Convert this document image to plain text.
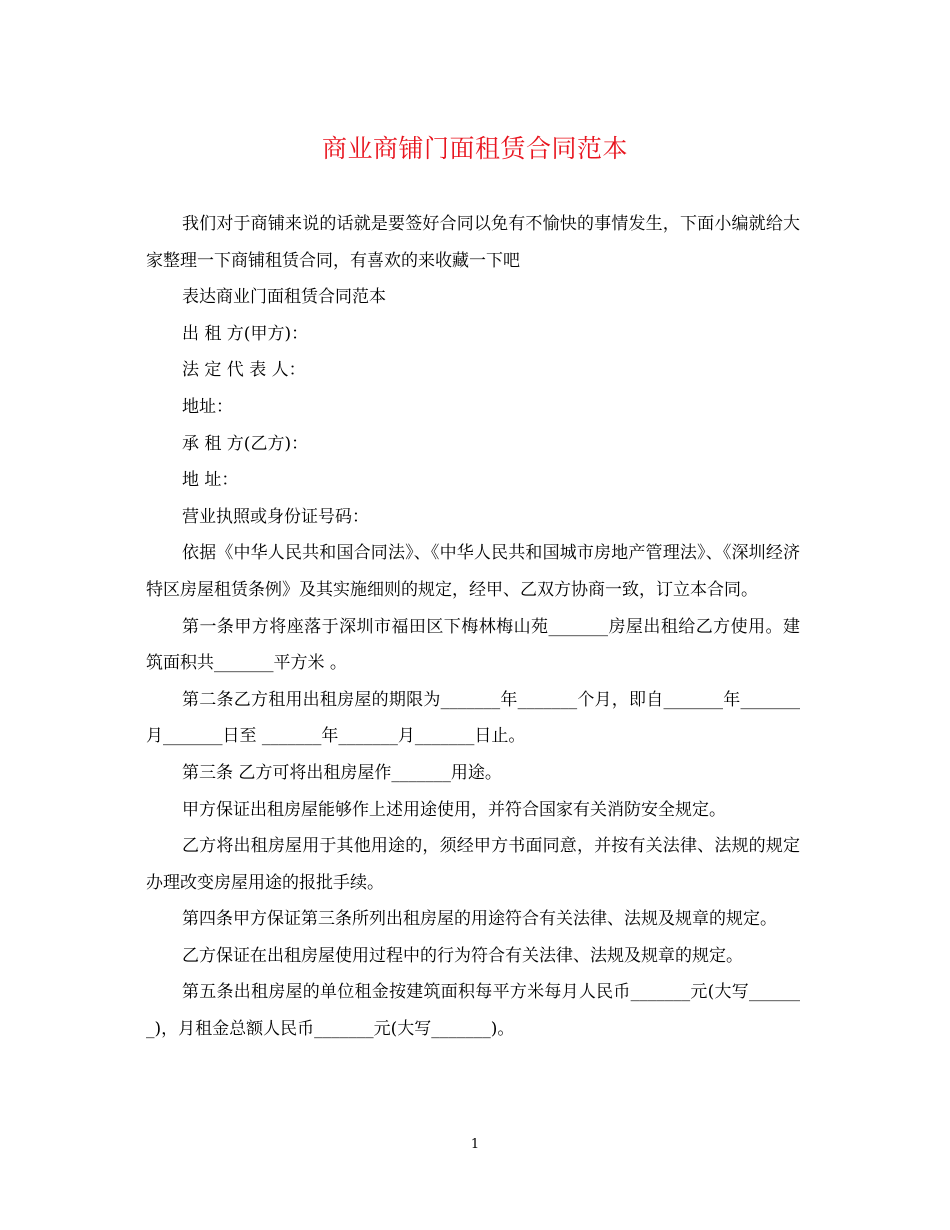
商业商铺门面租赁合同范本

我们对于商铺来说的话就是要签好合同以免有不愉快的事情发生，下面小编就给大家整理一下商铺租赁合同，有喜欢的来收藏一下吧

表达商业门面租赁合同范本

出 租 方(甲方)：

法 定 代 表 人：

地址：

承 租 方(乙方)：

地 址：

营业执照或身份证号码：

依据《中华人民共和国合同法》、《中华人民共和国城市房地产管理法》、《深圳经济特区房屋租赁条例》及其实施细则的规定，经甲、乙双方协商一致，订立本合同。

第一条甲方将座落于深圳市福田区下梅林梅山苑_______房屋出租给乙方使用。建筑面积共_______平方米 。

第二条乙方租用出租房屋的期限为_______年_______个月，即自_______年_______月_______日至 _______年_______月_______日止。

第三条 乙方可将出租房屋作_______用途。

甲方保证出租房屋能够作上述用途使用，并符合国家有关消防安全规定。

乙方将出租房屋用于其他用途的，须经甲方书面同意，并按有关法律、法规的规定办理改变房屋用途的报批手续。

第四条甲方保证第三条所列出租房屋的用途符合有关法律、法规及规章的规定。

乙方保证在出租房屋使用过程中的行为符合有关法律、法规及规章的规定。

第五条出租房屋的单位租金按建筑面积每平方米每月人民币_______元(大写_______)，月租金总额人民币_______元(大写_______)。

1
